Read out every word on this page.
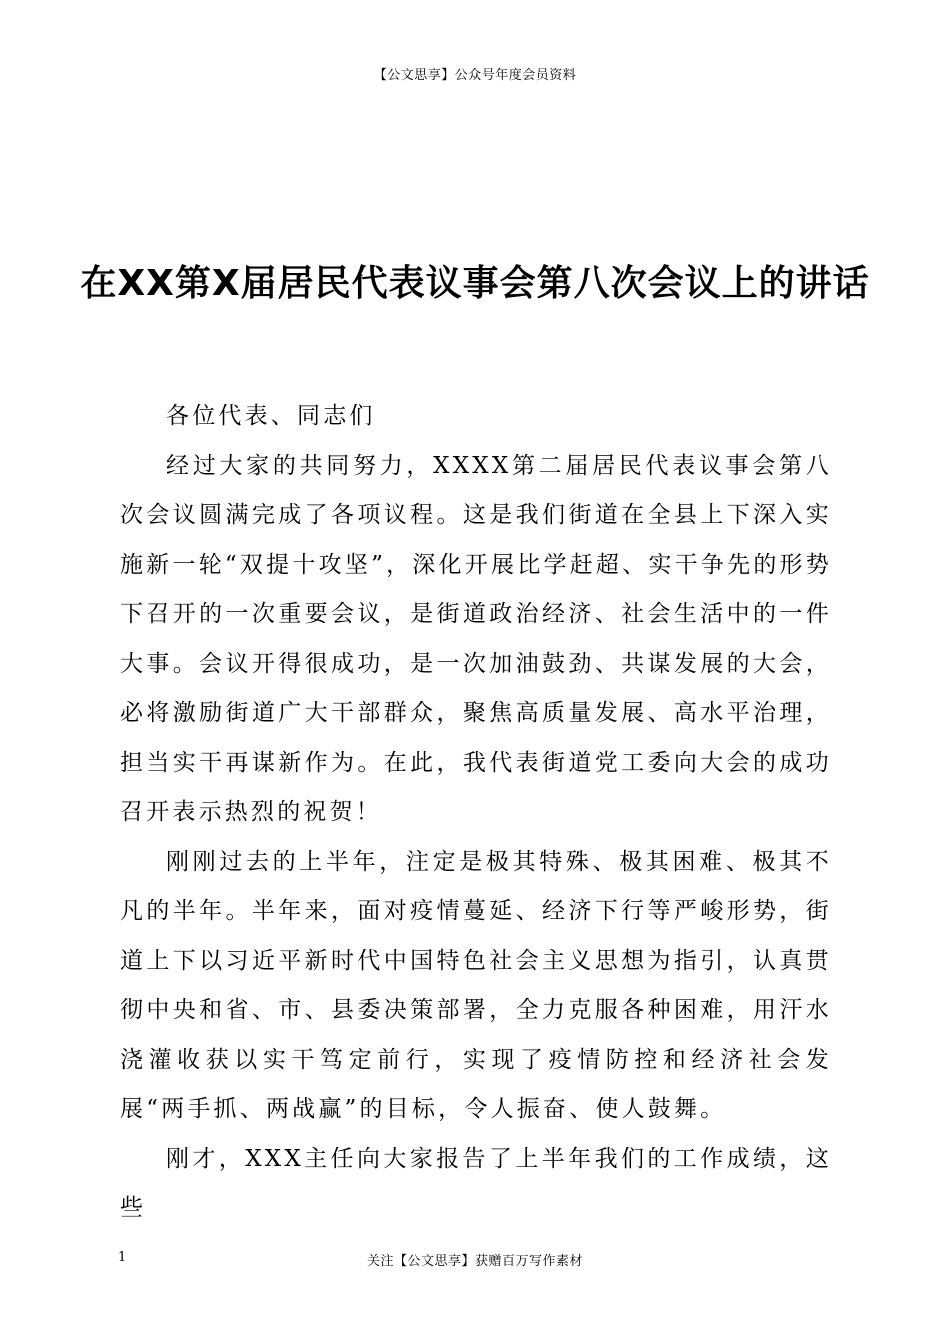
【公文思享】公众号年度会员资料
在XX第X届居民代表议事会第八次会议上的讲话

各位代表、同志们

经过大家的共同努力，XXXX第二届居民代表议事会第八次会议圆满完成了各项议程。这是我们街道在全县上下深入实施新一轮“双提十攻坚”，深化开展比学赶超、实干争先的形势下召开的一次重要会议，是街道政治经济、社会生活中的一件大事。会议开得很成功，是一次加油鼓劲、共谋发展的大会，必将激励街道广大干部群众，聚焦高质量发展、高水平治理，担当实干再谋新作为。在此，我代表街道党工委向大会的成功召开表示热烈的祝贺！

刚刚过去的上半年，注定是极其特殊、极其困难、极其不凡的半年。半年来，面对疫情蔓延、经济下行等严峻形势，街道上下以习近平新时代中国特色社会主义思想为指引，认真贯彻中央和省、市、县委决策部署，全力克服各种困难，用汗水浇灌收获以实干笃定前行，实现了疫情防控和经济社会发展“两手抓、两战赢”的目标，令人振奋、使人鼓舞。

刚才，XXX主任向大家报告了上半年我们的工作成绩，这些

1	关注【公文思享】获赠百万写作素材
